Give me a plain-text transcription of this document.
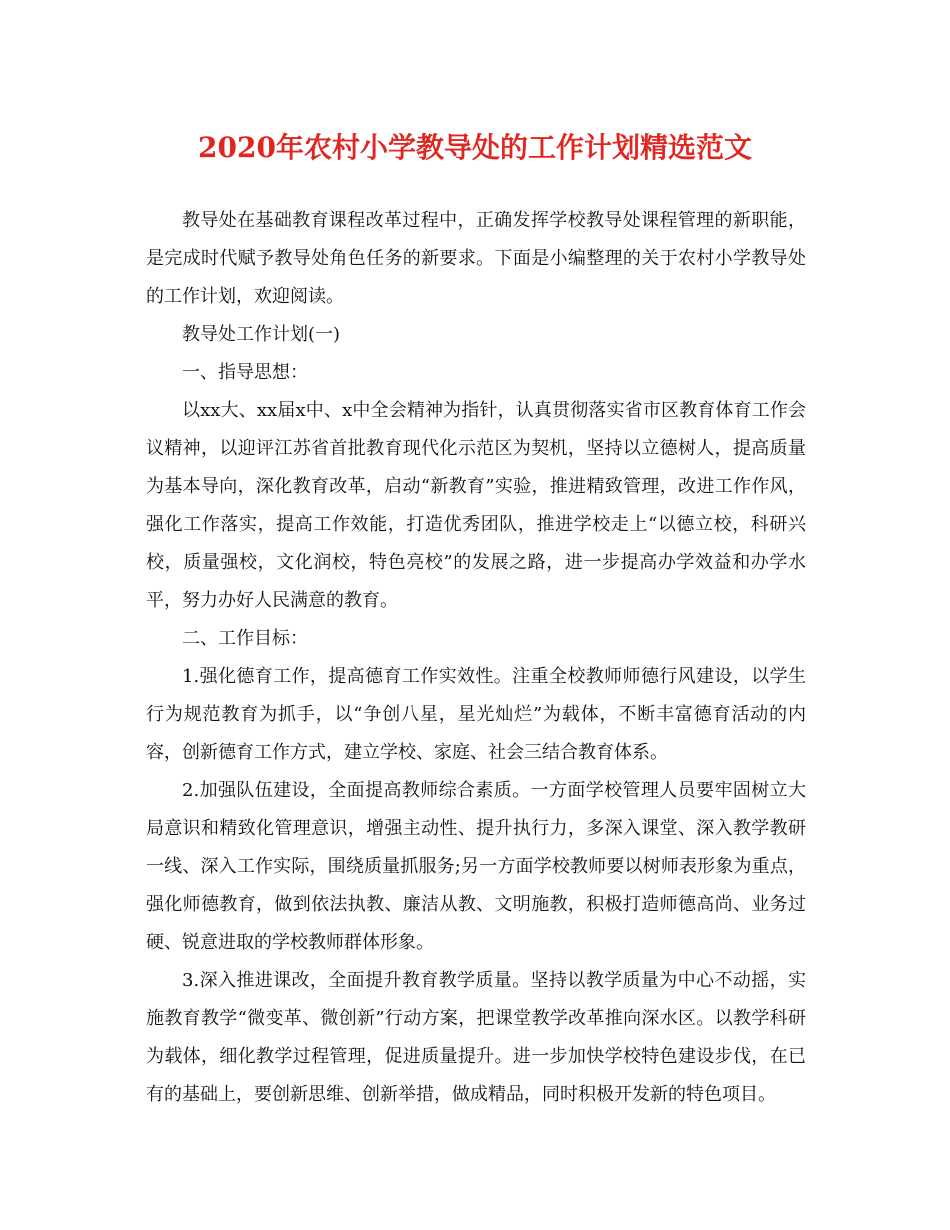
2020年农村小学教导处的工作计划精选范文

教导处在基础教育课程改革过程中，正确发挥学校教导处课程管理的新职能，是完成时代赋予教导处角色任务的新要求。下面是小编整理的关于农村小学教导处的工作计划，欢迎阅读。

教导处工作计划(一)

一、指导思想：

以xx大、xx届x中、x中全会精神为指针，认真贯彻落实省市区教育体育工作会议精神，以迎评江苏省首批教育现代化示范区为契机，坚持以立德树人，提高质量为基本导向，深化教育改革，启动“新教育”实验，推进精致管理，改进工作作风，强化工作落实，提高工作效能，打造优秀团队，推进学校走上“以德立校，科研兴校，质量强校，文化润校，特色亮校”的发展之路，进一步提高办学效益和办学水平，努力办好人民满意的教育。

二、工作目标：

1.强化德育工作，提高德育工作实效性。注重全校教师师德行风建设，以学生行为规范教育为抓手，以“争创八星，星光灿烂”为载体，不断丰富德育活动的内容，创新德育工作方式，建立学校、家庭、社会三结合教育体系。

2.加强队伍建设，全面提高教师综合素质。一方面学校管理人员要牢固树立大局意识和精致化管理意识，增强主动性、提升执行力，多深入课堂、深入教学教研一线、深入工作实际，围绕质量抓服务;另一方面学校教师要以树师表形象为重点，强化师德教育，做到依法执教、廉洁从教、文明施教，积极打造师德高尚、业务过硬、锐意进取的学校教师群体形象。

3.深入推进课改，全面提升教育教学质量。坚持以教学质量为中心不动摇，实施教育教学“微变革、微创新”行动方案，把课堂教学改革推向深水区。以教学科研为载体，细化教学过程管理，促进质量提升。进一步加快学校特色建设步伐，在已有的基础上，要创新思维、创新举措，做成精品，同时积极开发新的特色项目。
